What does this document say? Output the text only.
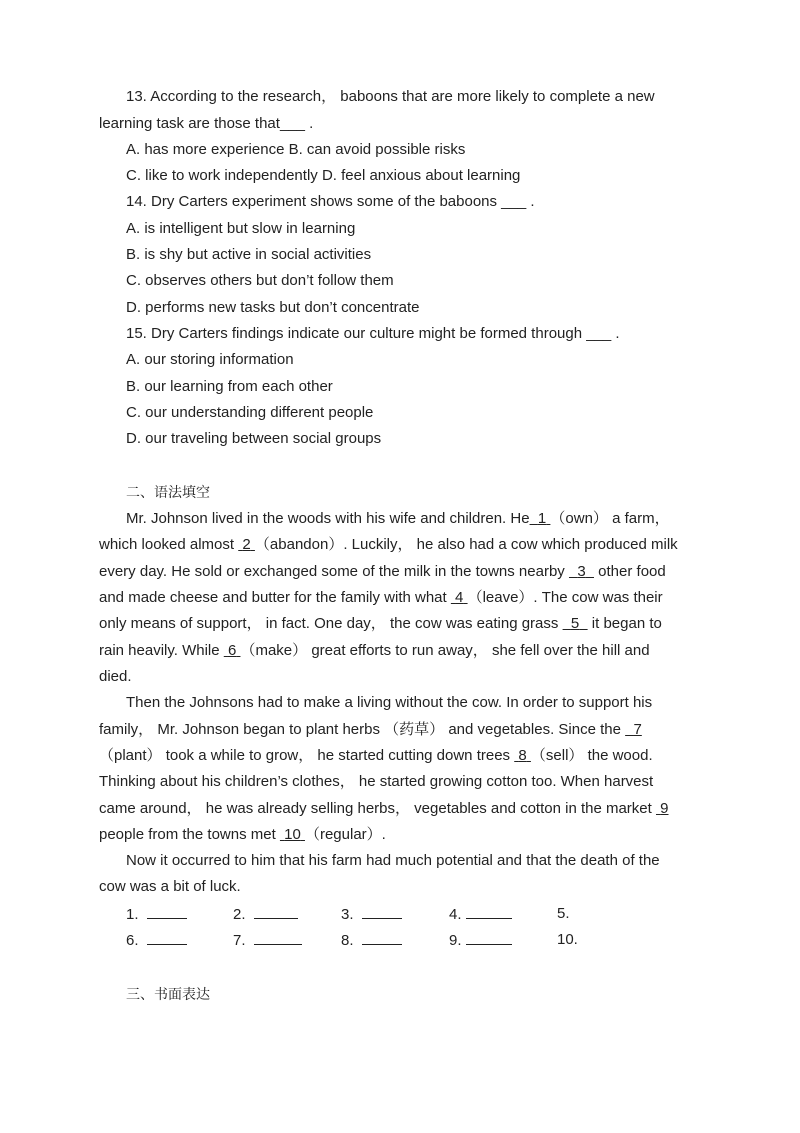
13. According to the research， baboons that are more likely to complete a new
learning task are those that___ .
A. has more experience B. can avoid possible risks
C. like to work independently D. feel anxious about learning
14. Dry Carters experiment shows some of the baboons ___ .
A. is intelligent but slow in learning
B. is shy but active in social activities
C. observes others but don’t follow them
D. performs new tasks but don’t concentrate
15. Dry Carters findings indicate our culture might be formed through ___ .
A. our storing information
B. our learning from each other
C. our understanding different people
D. our traveling between social groups
二、语法填空
Mr. Johnson lived in the woods with his wife and children. He 1 （own） a farm，
which looked almost  2 （abandon）. Luckily， he also had a cow which produced milk
every day. He sold or exchanged some of the milk in the towns nearby   3   other food
and made cheese and butter for the family with what  4 （leave）. The cow was their
only means of support， in fact. One day， the cow was eating grass   5   it began to
rain heavily. While  6 （make） great efforts to run away， she fell over the hill and
died.
Then the Johnsons had to make a living without the cow. In order to support his
family， Mr. Johnson began to plant herbs （药草） and vegetables. Since the   7
（plant） took a while to grow， he started cutting down trees  8 （sell） the wood.
Thinking about his children’s clothes， he started growing cotton too. When harvest
came around， he was already selling herbs， vegetables and cotton in the market  9
people from the towns met  10 （regular）.
Now it occurred to him that his farm had much potential and that the death of the
cow was a bit of luck.
1.	2.	3.	4.	5.
6.	7.	8.	9.	10.
三、书面表达
